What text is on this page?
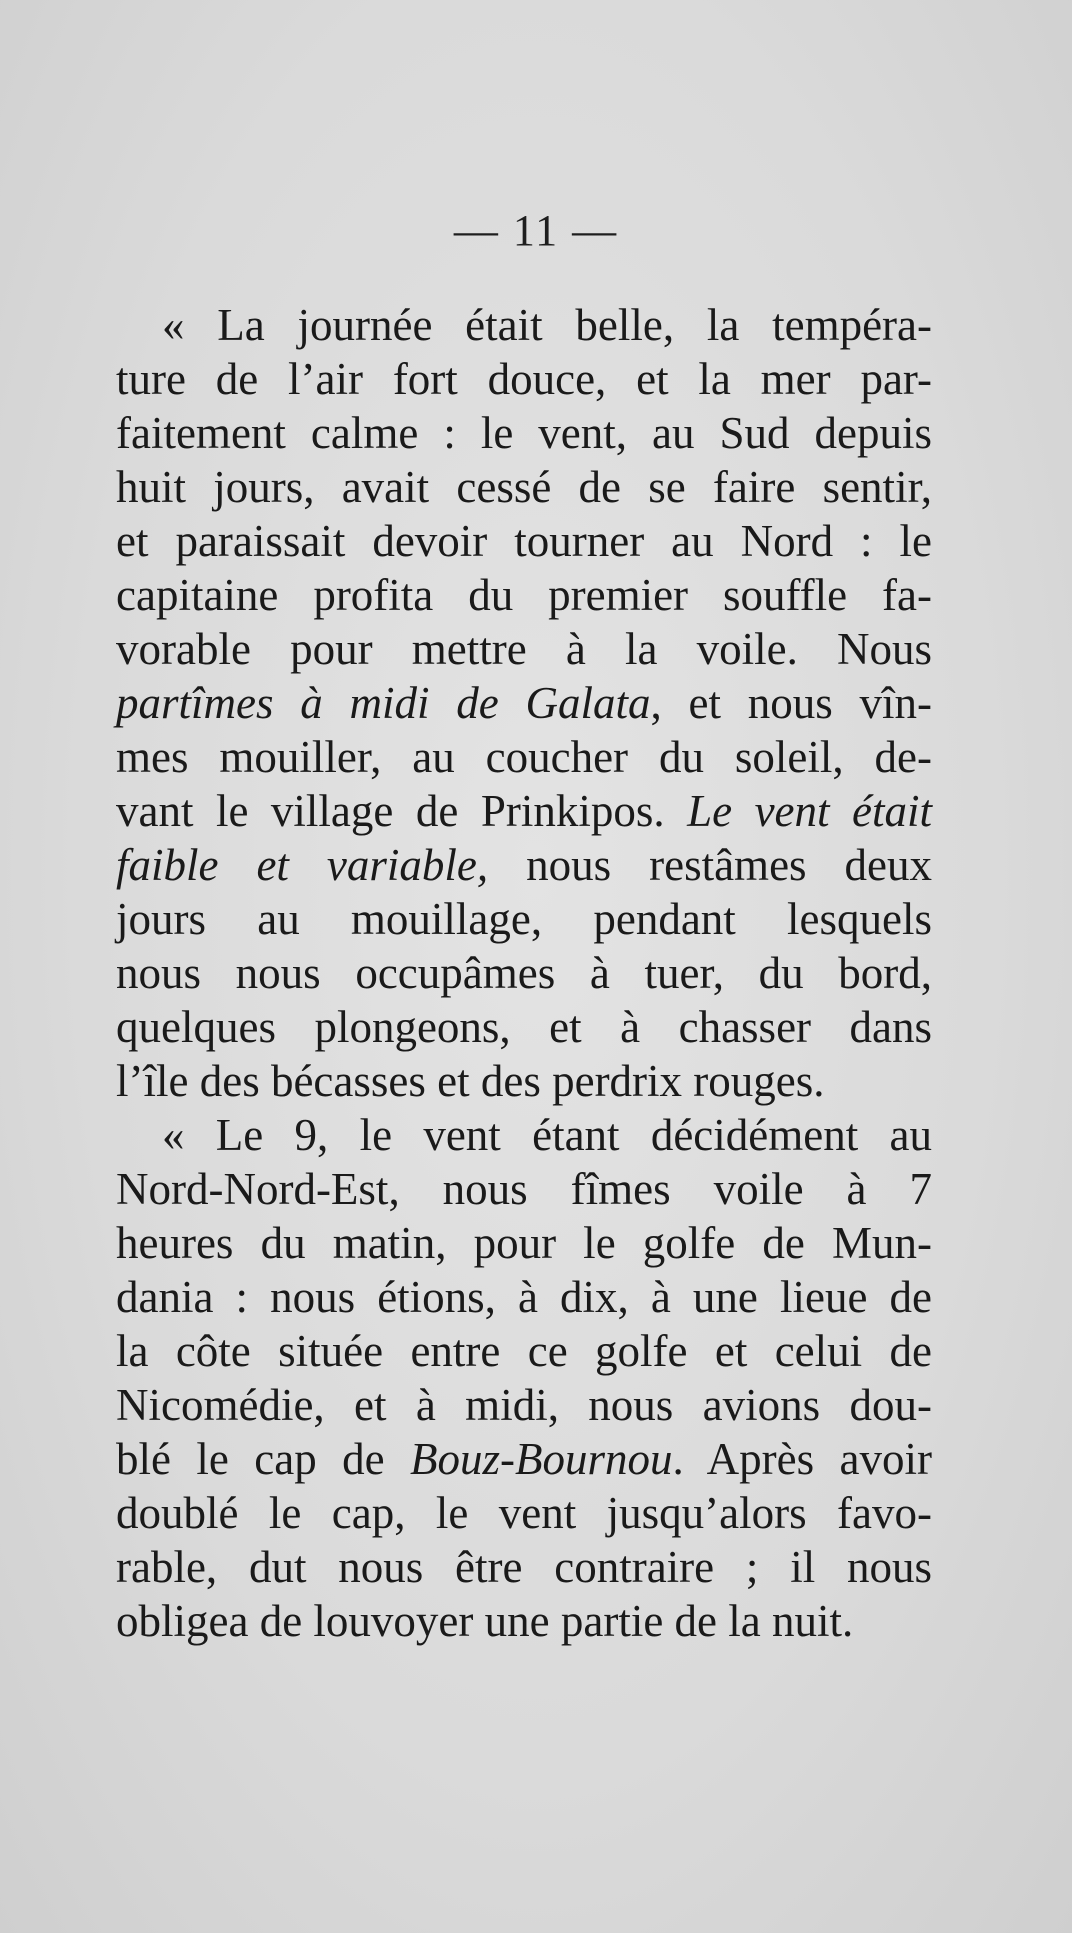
— 11 —
« La journée était belle, la tempéra-
ture de l’air fort douce, et la mer par-
faitement calme : le vent, au Sud depuis
huit jours, avait cessé de se faire sentir,
et paraissait devoir tourner au Nord : le
capitaine profita du premier souffle fa-
vorable pour mettre à la voile. Nous
partîmes à midi de Galata, et nous vîn-
mes mouiller, au coucher du soleil, de-
vant le village de Prinkipos. Le vent était
faible et variable, nous restâmes deux
jours au mouillage, pendant lesquels
nous nous occupâmes à tuer, du bord,
quelques plongeons, et à chasser dans
l’île des bécasses et des perdrix rouges.
« Le 9, le vent étant décidément au
Nord-Nord-Est, nous fîmes voile à 7
heures du matin, pour le golfe de Mun-
dania : nous étions, à dix, à une lieue de
la côte située entre ce golfe et celui de
Nicomédie, et à midi, nous avions dou-
blé le cap de Bouz-Bournou. Après avoir
doublé le cap, le vent jusqu’alors favo-
rable, dut nous être contraire ; il nous
obligea de louvoyer une partie de la nuit.
